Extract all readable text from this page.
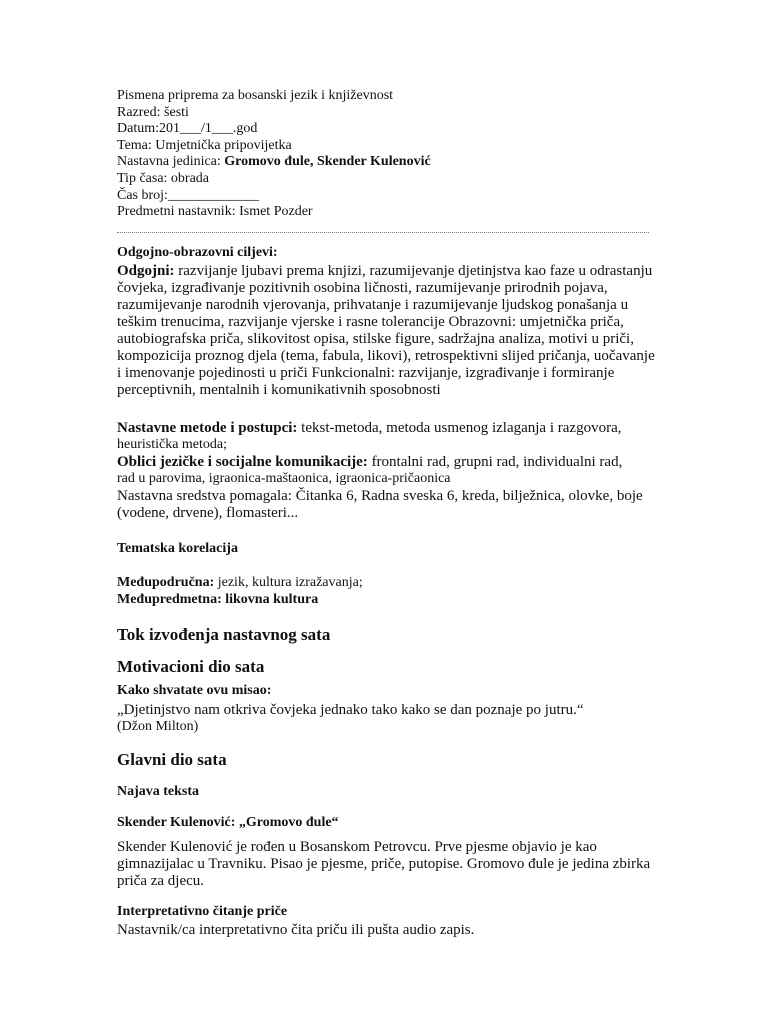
Pismena priprema za bosanski jezik i književnost
Razred: šesti
Datum:201___/1___.god
Tema: Umjetnička pripovijetka
Nastavna jedinica: Gromovo đule, Skender Kulenović
Tip časa: obrada
Čas broj:_____________
Predmetni nastavnik: Ismet Pozder
Odgojno-obrazovni ciljevi:
Odgojni: razvijanje ljubavi prema knjizi, razumijevanje djetinjstva kao faze u odrastanju čovjeka, izgrađivanje pozitivnih osobina ličnosti, razumijevanje prirodnih pojava, razumijevanje narodnih vjerovanja, prihvatanje i razumijevanje ljudskog ponašanja u teškim trenucima, razvijanje vjerske i rasne tolerancije Obrazovni: umjetnička priča, autobiografska priča, slikovitost opisa, stilske figure, sadržajna analiza, motivi u priči, kompozicija proznog djela (tema, fabula, likovi), retrospektivni slijed pričanja, uočavanje i imenovanje pojedinosti u priči Funkcionalni: razvijanje, izgrađivanje i formiranje perceptivnih, mentalnih i komunikativnih sposobnosti
Nastavne metode i postupci: tekst-metoda, metoda usmenog izlaganja i razgovora,
heuristička metoda;
Oblici jezičke i socijalne komunikacije: frontalni rad, grupni rad, individualni rad,
rad u parovima, igraonica-maštaonica, igraonica-pričaonica
Nastavna sredstva pomagala: Čitanka 6, Radna sveska 6, kreda, bilježnica, olovke, boje (vodene, drvene), flomasteri...
Tematska korelacija
Međupodručna: jezik, kultura izražavanja;
Međupredmetna: likovna kultura
Tok izvođenja nastavnog sata
Motivacioni dio sata
Kako shvatate ovu misao:
„Djetinjstvo nam otkriva čovjeka jednako tako kako se dan poznaje po jutru.“
(Džon Milton)
Glavni dio sata
Najava teksta
Skender Kulenović: „Gromovo đule“
Skender Kulenović je rođen u Bosanskom Petrovcu. Prve pjesme objavio je kao gimnazijalac u Travniku. Pisao je pjesme, priče, putopise. Gromovo đule je jedina zbirka priča za djecu.
Interpretativno čitanje priče
Nastavnik/ca interpretativno čita priču ili pušta audio zapis.
